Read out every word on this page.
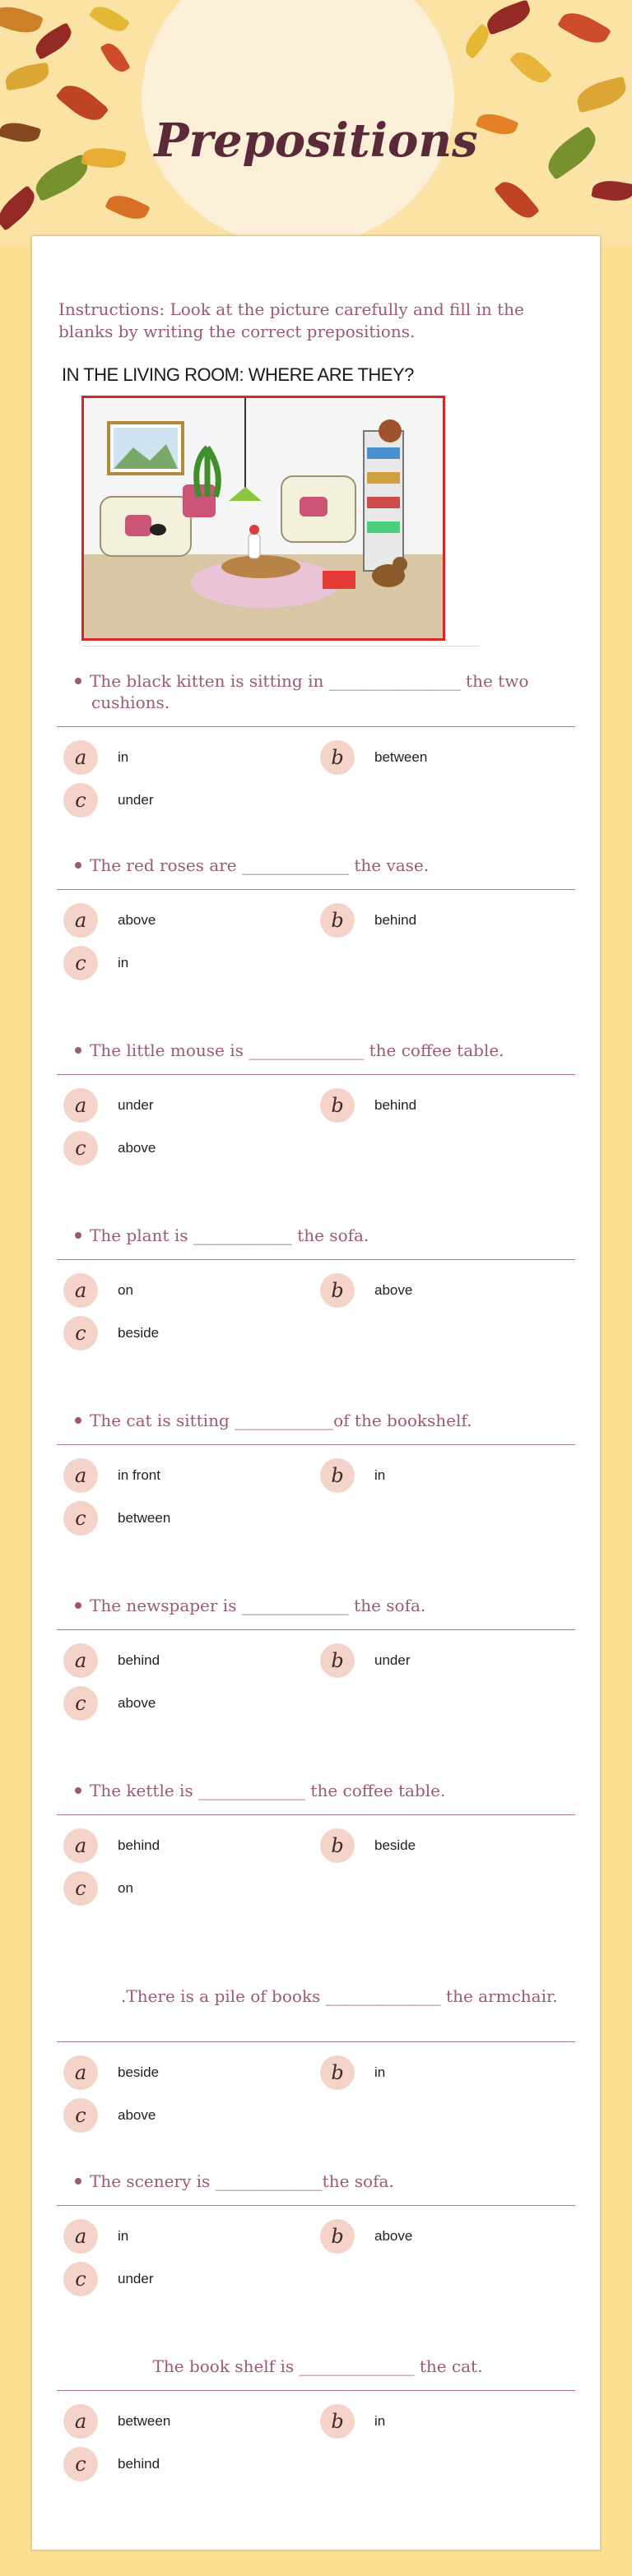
Prepositions
Instructions: Look at the picture carefully and fill in the blanks by writing the correct prepositions.
IN THE LIVING ROOM: WHERE ARE THEY?
The black kitten is sitting in ________________ the two cushions.
a	in	b	between
c	under
The red roses are _____________ the vase.
a	above	b	behind
c	in
The little mouse is ______________ the coffee table.
a	under	b	behind
c	above
The plant is ____________ the sofa.
a	on	b	above
c	beside
The cat is sitting ____________of the bookshelf.
a	in front	b	in
c	between
The newspaper is _____________ the sofa.
a	behind	b	under
c	above
The kettle is _____________ the coffee table.
a	behind	b	beside
c	on
.There is a pile of books ______________ the armchair.
a	beside	b	in
c	above
The scenery is _____________the sofa.
a	in	b	above
c	under
The book shelf is ______________ the cat.
a	between	b	in
c	behind
